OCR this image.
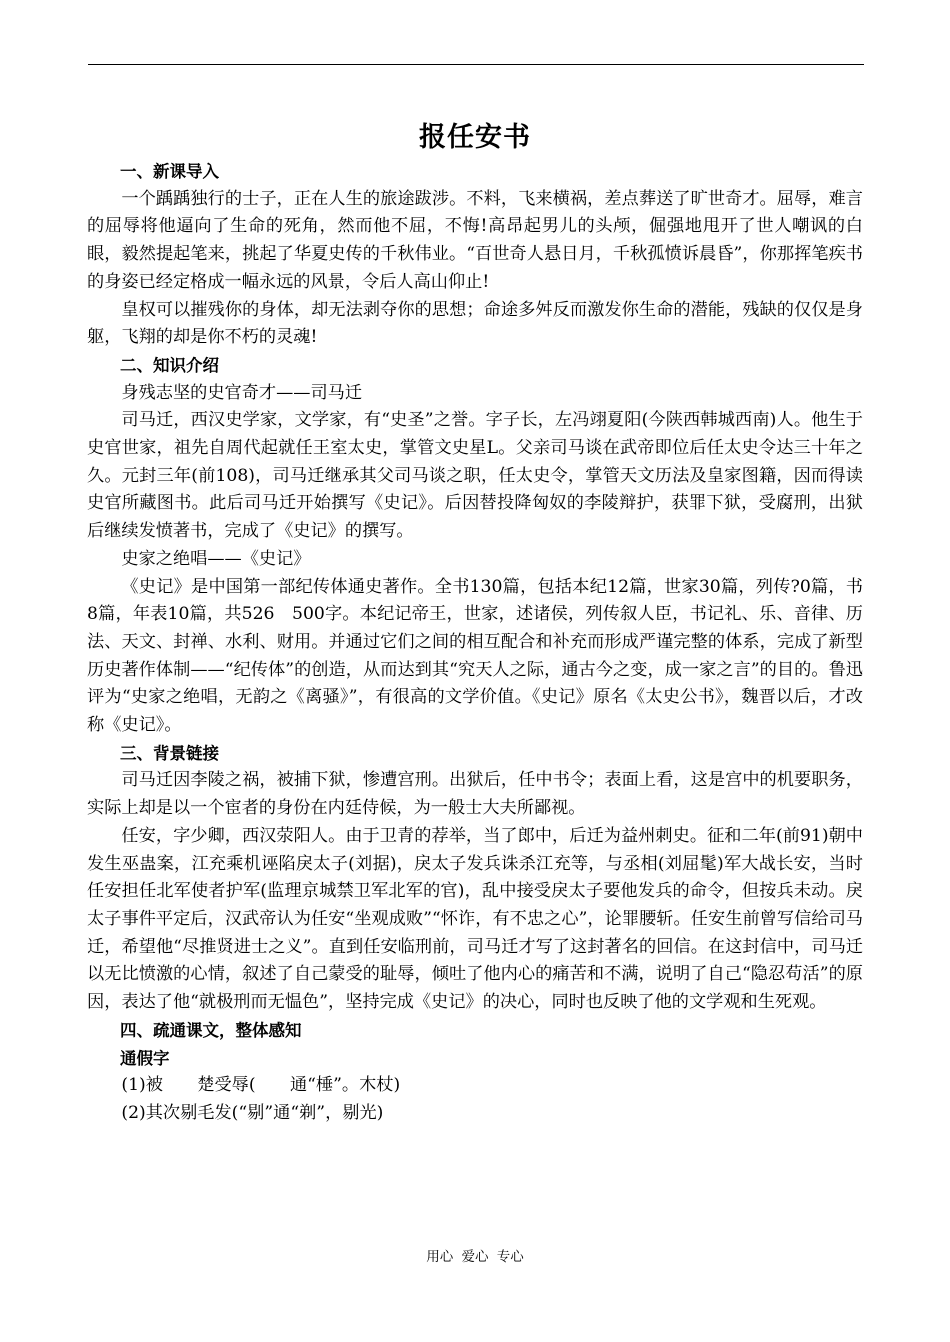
报任安书

一、新课导入

一个踽踽独行的士子，正在人生的旅途跋涉。不料，飞来横祸，差点葬送了旷世奇才。屈辱，难言的屈辱将他逼向了生命的死角，然而他不屈，不悔!高昂起男儿的头颅，倔强地甩开了世人嘲讽的白眼，毅然提起笔来，挑起了华夏史传的千秋伟业。“百世奇人悬日月，千秋孤愤诉晨昏”，你那挥笔疾书的身姿已经定格成一幅永远的风景，令后人高山仰止!

皇权可以摧残你的身体，却无法剥夺你的思想；命途多舛反而激发你生命的潜能，残缺的仅仅是身躯，飞翔的却是你不朽的灵魂!

二、知识介绍

身残志坚的史官奇才——司马迁

司马迁，西汉史学家，文学家，有“史圣”之誉。字子长，左冯翊夏阳(今陕西韩城西南)人。他生于史官世家，祖先自周代起就任王室太史，掌管文史星L。父亲司马谈在武帝即位后任太史令达三十年之久。元封三年(前108)，司马迁继承其父司马谈之职，任太史令，掌管天文历法及皇家图籍，因而得读史官所藏图书。此后司马迁开始撰写《史记》。后因替投降匈奴的李陵辩护，获罪下狱，受腐刑，出狱后继续发愤著书，完成了《史记》的撰写。

史家之绝唱——《史记》

《史记》是中国第一部纪传体通史著作。全书130篇，包括本纪12篇，世家30篇，列传?0篇，书8篇，年表10篇，共526　500字。本纪记帝王，世家，述诸侯，列传叙人臣，书记礼、乐、音律、历法、天文、封禅、水利、财用。并通过它们之间的相互配合和补充而形成严谨完整的体系，完成了新型历史著作体制——“纪传体”的创造，从而达到其“究天人之际，通古今之变，成一家之言”的目的。鲁迅评为“史家之绝唱，无韵之《离骚》”，有很高的文学价值。《史记》原名《太史公书》，魏晋以后，才改称《史记》。

三、背景链接

司马迁因李陵之祸，被捕下狱，惨遭宫刑。出狱后，任中书令；表面上看，这是宫中的机要职务，实际上却是以一个宦者的身份在内廷侍候，为一般士大夫所鄙视。

任安，字少卿，西汉荥阳人。由于卫青的荐举，当了郎中，后迁为益州刺史。征和二年(前91)朝中发生巫蛊案，江充乘机诬陷戾太子(刘据)，戾太子发兵诛杀江充等，与丞相(刘屈髦)军大战长安，当时任安担任北军使者护军(监理京城禁卫军北军的官)，乱中接受戾太子要他发兵的命令，但按兵未动。戾太子事件平定后，汉武帝认为任安“坐观成败”“怀诈，有不忠之心”，论罪腰斩。任安生前曾写信给司马迁，希望他“尽推贤进士之义”。直到任安临刑前，司马迁才写了这封著名的回信。在这封信中，司马迁以无比愤激的心情，叙述了自己蒙受的耻辱，倾吐了他内心的痛苦和不满，说明了自己“隐忍苟活”的原因，表达了他“就极刑而无愠色”，坚持完成《史记》的决心，同时也反映了他的文学观和生死观。

四、疏通课文，整体感知

通假字

(1)被　　楚受辱(　　通“棰”。木杖)

(2)其次剔毛发(“剔”通“剃”，剔光)

用心 爱心 专心
